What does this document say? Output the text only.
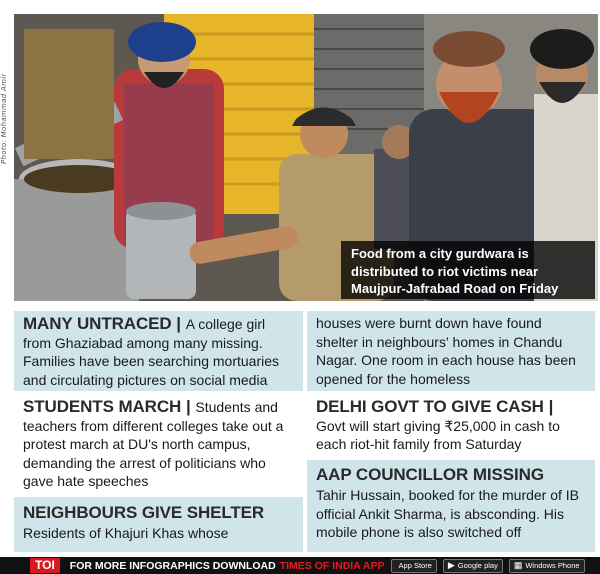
Photo: Mohammad Amir
Food from a city gurdwara is distributed to riot victims near Maujpur-Jafrabad Road on Friday

MANY UNTRACED | A college girl from Ghaziabad among many missing. Families have been searching mortuaries and circulating pictures on social media

STUDENTS MARCH | Students and teachers from different colleges take out a protest march at DU's north campus, demanding the arrest of politicians who gave hate speeches

NEIGHBOURS GIVE SHELTER

Residents of Khajuri Khas whose

houses were burnt down have found shelter in neighbours' homes in Chandu Nagar. One room in each house has been opened for the homeless

DELHI GOVT TO GIVE CASH | Govt will start giving ₹25,000 in cash to each riot-hit family from Saturday

AAP COUNCILLOR MISSING

Tahir Hussain, booked for the murder of IB official Ankit Sharma, is absconding. His mobile phone is also switched off

TOI	FOR MORE INFOGRAPHICS DOWNLOAD TIMES OF INDIA APP App Store ▶ Google play ▦ Windows Phone
